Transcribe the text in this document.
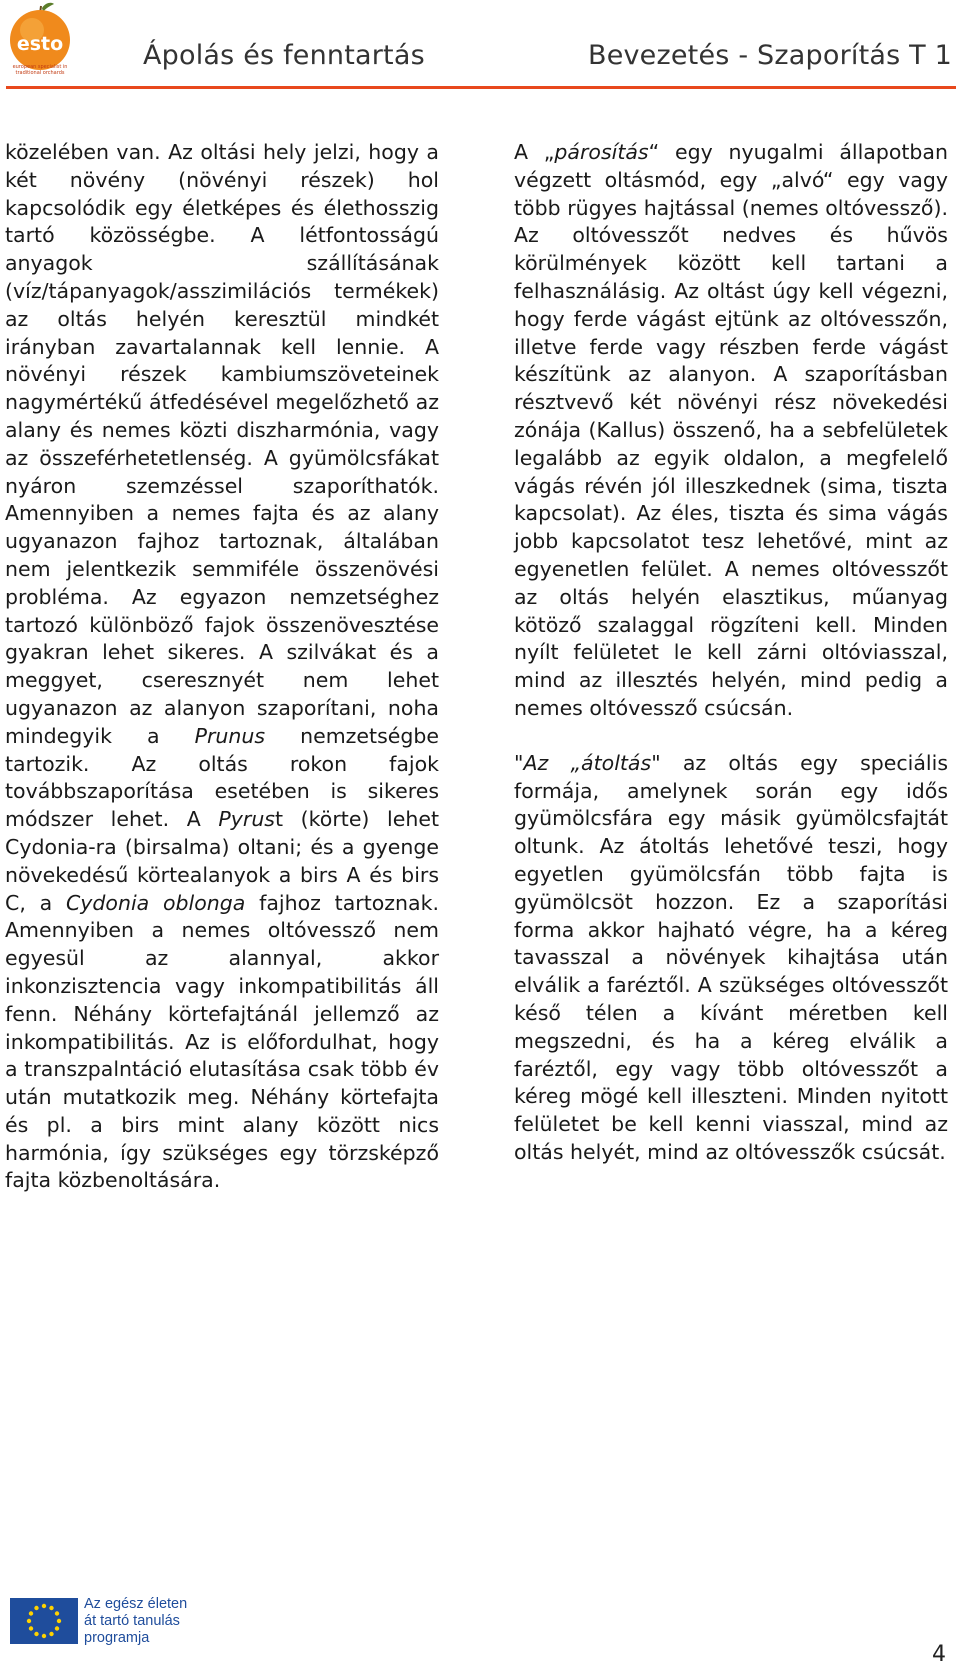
esto
european specialist in
traditional orchards
Ápolás és fenntartás	Bevezetés - Szaporítás T 1

közelében van. Az oltási hely jelzi, hogy a két növény (növényi részek) hol kapcsolódik egy életképes és élethosszig tartó közösségbe. A létfontosságú anyagok szállításának (víz/tápanyagok/asszimilációs termékek) az oltás helyén keresztül mindkét irányban zavartalannak kell lennie. A növényi részek kambiumszöveteinek nagymértékű átfedésével megelőzhető az alany és nemes közti diszharmónia, vagy az összeférhetetlenség. A gyümölcsfákat nyáron szemzéssel szaporíthatók. Amennyiben a nemes fajta és az alany ugyanazon fajhoz tartoznak, általában nem jelentkezik semmiféle összenövési probléma. Az egyazon nemzetséghez tartozó különböző fajok összenövesztése gyakran lehet sikeres. A szilvákat és a meggyet, cseresznyét nem lehet ugyanazon az alanyon szaporítani, noha mindegyik a Prunus nemzetségbe tartozik. Az oltás rokon fajok továbbszaporítása esetében is sikeres módszer lehet. A Pyrust (körte) lehet Cydonia-ra (birsalma) oltani; és a gyenge növekedésű körtealanyok a birs A és birs C, a Cydonia oblonga fajhoz tartoznak. Amennyiben a nemes oltóvessző nem egyesül az alannyal, akkor inkonzisztencia vagy inkompatibilitás áll fenn. Néhány körtefajtánál jellemző az inkompatibilitás. Az is előfordulhat, hogy a transzpalntáció elutasítása csak több év után mutatkozik meg. Néhány körtefajta és pl. a birs mint alany között nics harmónia, így szükséges egy törzsképző fajta közbenoltására.

A „párosítás“ egy nyugalmi állapotban végzett oltásmód, egy „alvó“ egy vagy több rügyes hajtással (nemes oltóvessző). Az oltóvesszőt nedves és hűvös körülmények között kell tartani a felhasználásig. Az oltást úgy kell végezni, hogy ferde vágást ejtünk az oltóvesszőn, illetve ferde vagy részben ferde vágást készítünk az alanyon. A szaporításban résztvevő két növényi rész növekedési zónája (Kallus) összenő, ha a sebfelületek legalább az egyik oldalon, a megfelelő vágás révén jól illeszkednek (sima, tiszta kapcsolat). Az éles, tiszta és sima vágás jobb kapcsolatot tesz lehetővé, mint az egyenetlen felület. A nemes oltóvesszőt az oltás helyén elasztikus, műanyag kötöző szalaggal rögzíteni kell. Minden nyílt felületet le kell zárni oltóviasszal, mind az illesztés helyén, mind pedig a nemes oltóvessző csúcsán.

"Az „átoltás" az oltás egy speciális formája, amelynek során egy idős gyümölcsfára egy másik gyümölcsfajtát oltunk. Az átoltás lehetővé teszi, hogy egyetlen gyümölcsfán több fajta is gyümölcsöt hozzon. Ez a szaporítási forma akkor hajható végre, ha a kéreg tavasszal a növények kihajtása után elválik a faréztől. A szükséges oltóvesszőt késő télen a kívánt méretben kell megszedni, és ha a kéreg elválik a faréztől, egy vagy több oltóvesszőt a kéreg mögé kell illeszteni. Minden nyitott felületet be kell kenni viasszal, mind az oltás helyét, mind az oltóvesszők csúcsát.

Az egész életen
át tartó tanulás
programja
4
